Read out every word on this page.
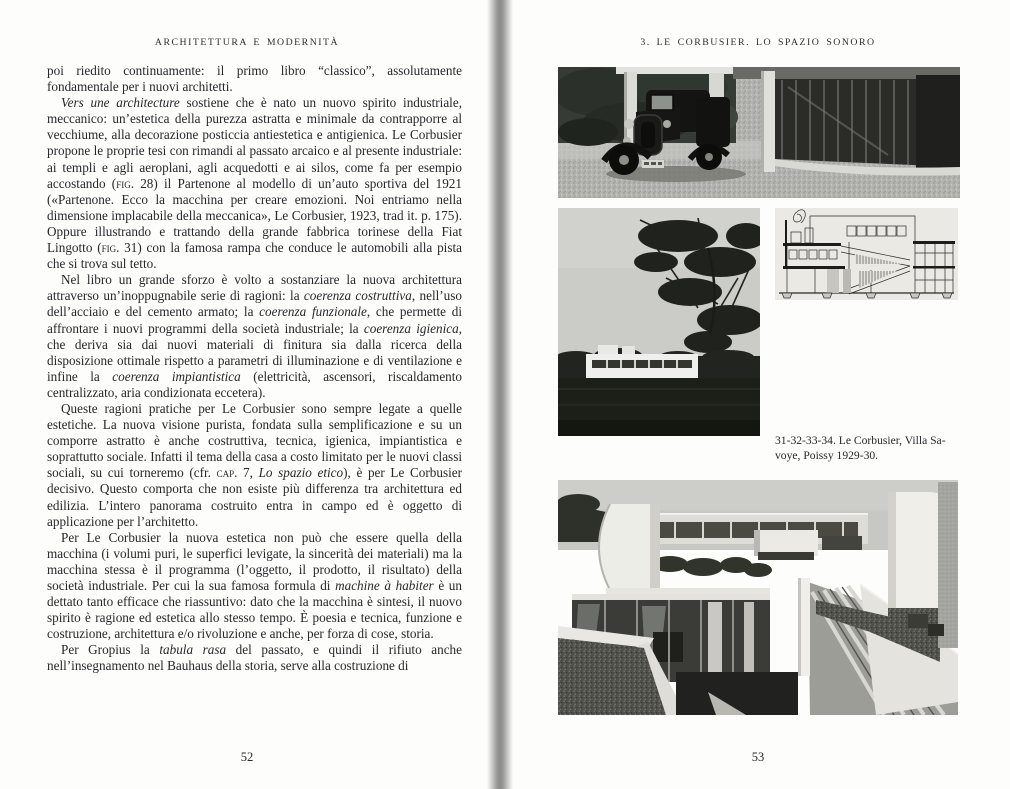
ARCHITETTURA E MODERNITÀ

poi riedito continuamente: il primo libro “classico”, assolutamente fondamentale per i nuovi architetti.

Vers une architecture sostiene che è nato un nuovo spirito industriale, meccanico: un’estetica della purezza astratta e minimale da contrapporre al vecchiume, alla decorazione posticcia antiestetica e antigienica. Le Corbusier propone le proprie tesi con rimandi al passato arcaico e al presente industriale: ai templi e agli aeroplani, agli acquedotti e ai silos, come fa per esempio accostando (fig. 28) il Partenone al modello di un’auto sportiva del 1921 («Partenone. Ecco la macchina per creare emozioni. Noi entriamo nella dimensione implacabile della meccanica», Le Corbusier, 1923, trad it. p. 175). Oppure illustrando e trattando della grande fabbrica torinese della Fiat Lingotto (fig. 31) con la famosa rampa che conduce le automobili alla pista che si trova sul tetto.

Nel libro un grande sforzo è volto a sostanziare la nuova architettura attraverso un’inoppugnabile serie di ragioni: la coerenza costruttiva, nell’uso dell’acciaio e del cemento armato; la coerenza funzionale, che permette di affrontare i nuovi programmi della società industriale; la coerenza igienica, che deriva sia dai nuovi materiali di finitura sia dalla ricerca della disposizione ottimale rispetto a parametri di illuminazione e di ventilazione e infine la coerenza impiantistica (elettricità, ascensori, riscaldamento centralizzato, aria condizionata eccetera).

Queste ragioni pratiche per Le Corbusier sono sempre legate a quelle estetiche. La nuova visione purista, fondata sulla semplificazione e su un comporre astratto è anche costruttiva, tecnica, igienica, impiantistica e soprattutto sociale. Infatti il tema della casa a costo limitato per le nuovi classi sociali, su cui torneremo (cfr. cap. 7, Lo spazio etico), è per Le Corbusier decisivo. Questo comporta che non esiste più differenza tra architettura ed edilizia. L’intero panorama costruito entra in campo ed è oggetto di applicazione per l’architetto.

Per Le Corbusier la nuova estetica non può che essere quella della macchina (i volumi puri, le superfici levigate, la sincerità dei materiali) ma la macchina stessa è il programma (l’oggetto, il prodotto, il risultato) della società industriale. Per cui la sua famosa formula di machine à habiter è un dettato tanto efficace che riassuntivo: dato che la macchina è sintesi, il nuovo spirito è ragione ed estetica allo stesso tempo. È poesia e tecnica, funzione e costruzione, architettura e/o rivoluzione e anche, per forza di cose, storia.

Per Gropius la tabula rasa del passato, e quindi il rifiuto anche nell’insegnamento nel Bauhaus della storia, serve alla costruzione di

52
3. LE CORBUSIER. LO SPAZIO SONORO
31-32-33-34. Le Corbusier, Villa Sa-
voye, Poissy 1929-30.
53
